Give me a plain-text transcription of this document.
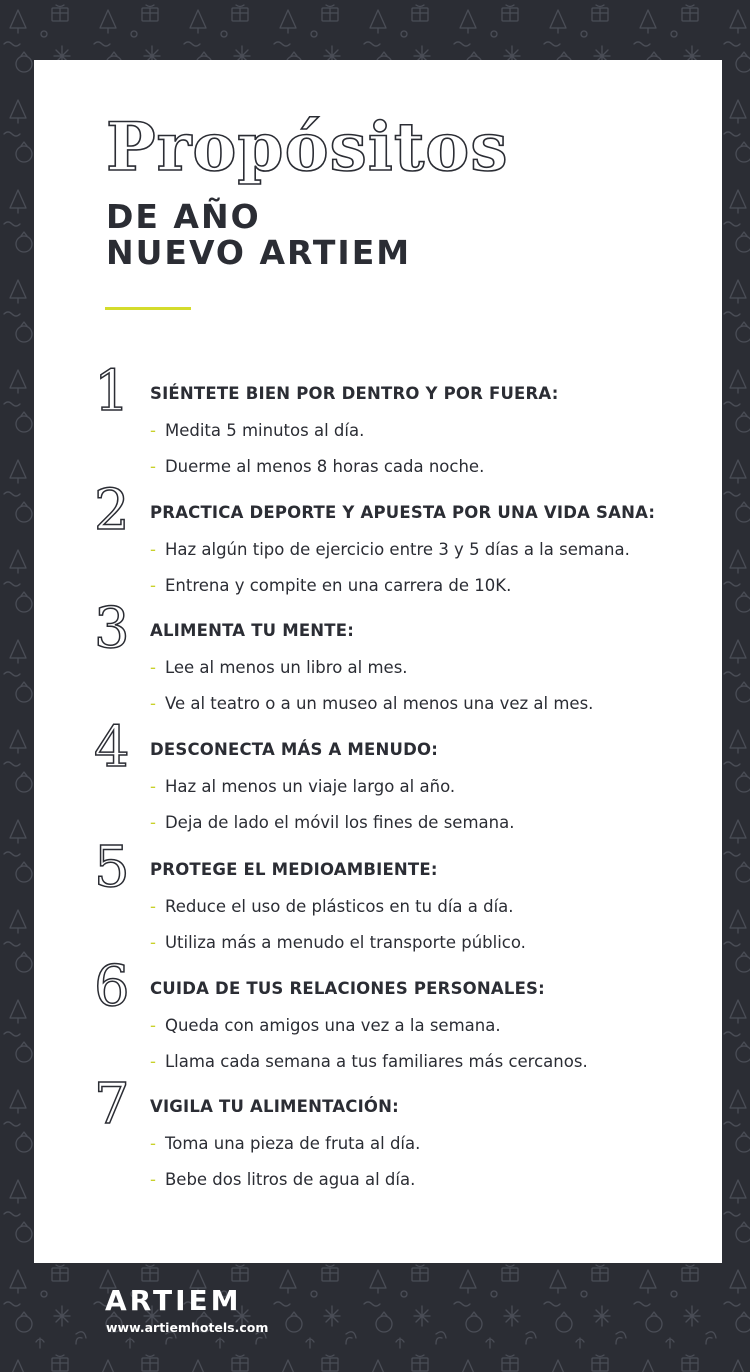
Propósitos
DE AÑO
NUEVO ARTIEM
1	SIÉNTETE BIEN POR DENTRO Y POR FUERA:
- Medita 5 minutos al día.
- Duerme al menos 8 horas cada noche.
2	PRACTICA DEPORTE Y APUESTA POR UNA VIDA SANA:
- Haz algún tipo de ejercicio entre 3 y 5 días a la semana.
- Entrena y compite en una carrera de 10K.
3	ALIMENTA TU MENTE:
- Lee al menos un libro al mes.
- Ve al teatro o a un museo al menos una vez al mes.
4	DESCONECTA MÁS A MENUDO:
- Haz al menos un viaje largo al año.
- Deja de lado el móvil los fines de semana.
5	PROTEGE EL MEDIOAMBIENTE:
- Reduce el uso de plásticos en tu día a día.
- Utiliza más a menudo el transporte público.
6	CUIDA DE TUS RELACIONES PERSONALES:
- Queda con amigos una vez a la semana.
- Llama cada semana a tus familiares más cercanos.
7	VIGILA TU ALIMENTACIÓN:
- Toma una pieza de fruta al día.
- Bebe dos litros de agua al día.
ARTIEM
www.artiemhotels.com
